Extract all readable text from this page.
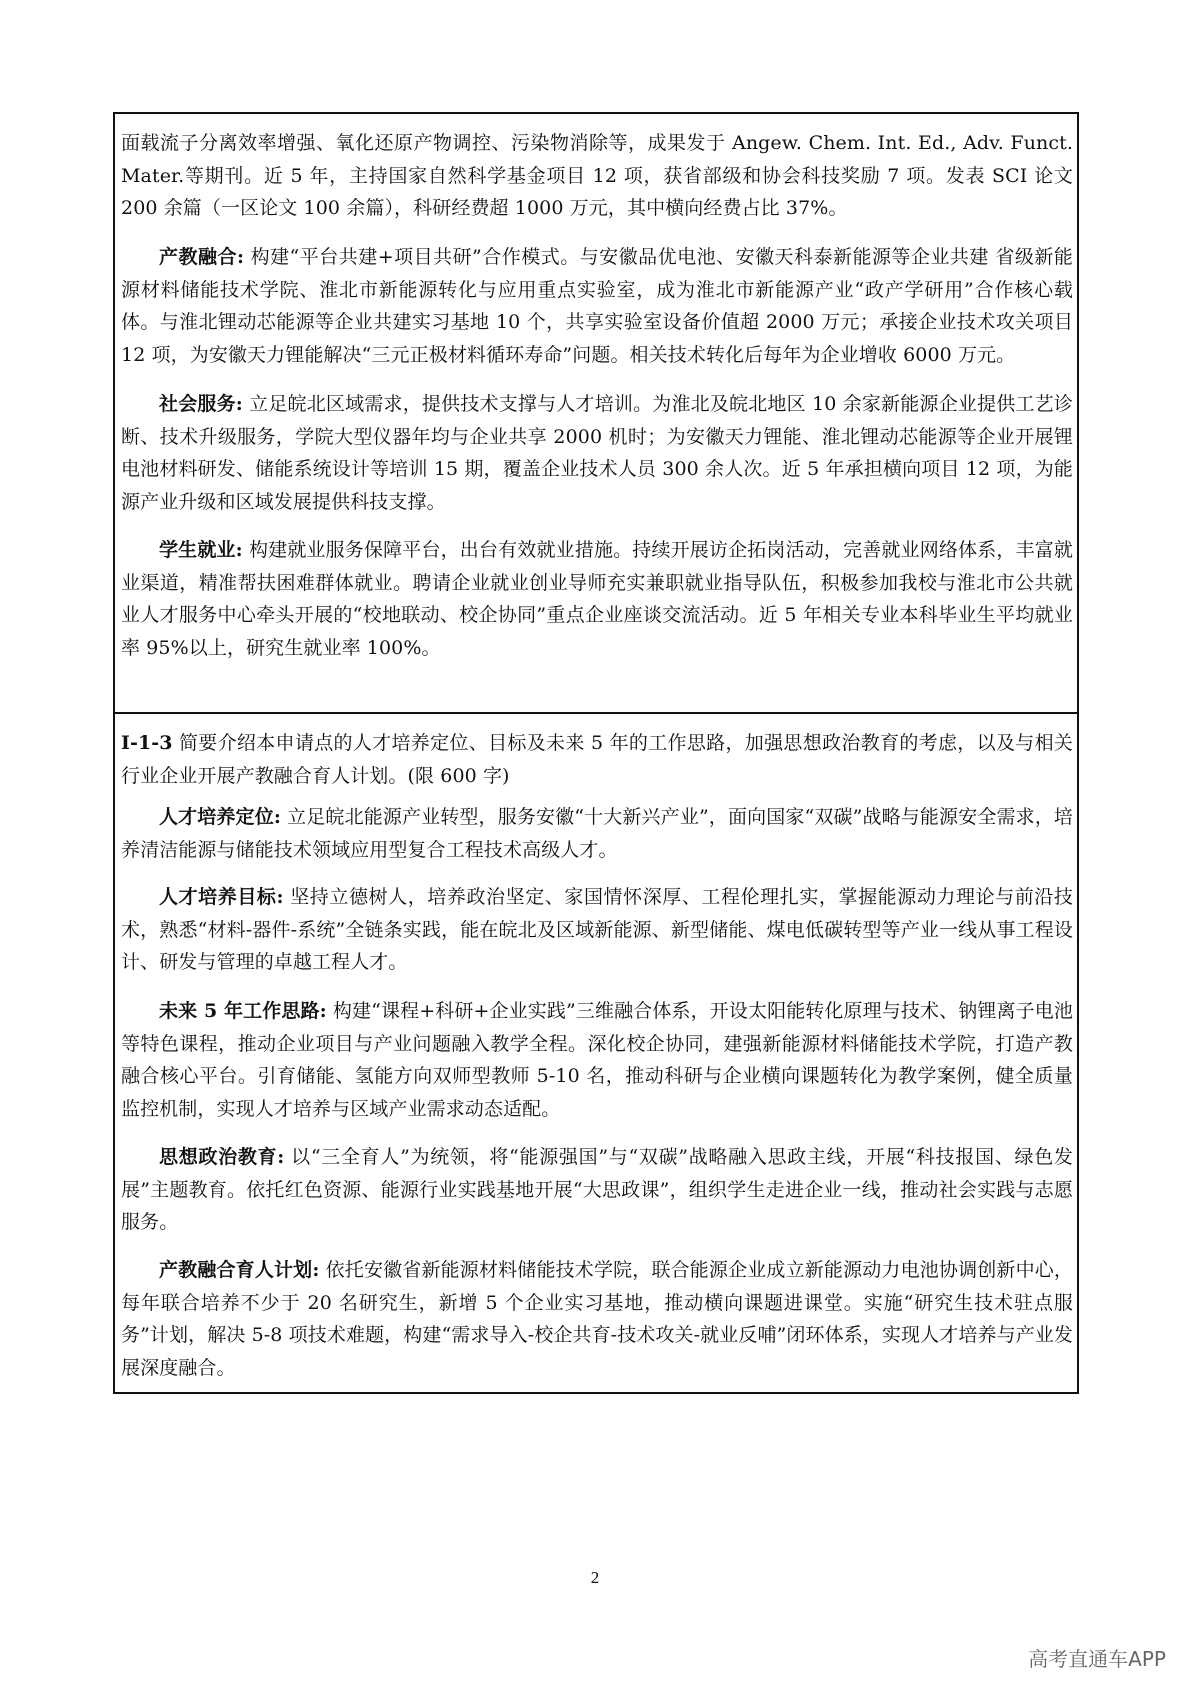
面载流子分离效率增强、氧化还原产物调控、污染物消除等，成果发于 Angew. Chem. Int. Ed., Adv. Funct. Mater.等期刊。近 5 年，主持国家自然科学基金项目 12 项，获省部级和协会科技奖励 7 项。发表 SCI 论文 200 余篇（一区论文 100 余篇），科研经费超 1000 万元，其中横向经费占比 37%。

产教融合: 构建“平台共建+项目共研”合作模式。与安徽品优电池、安徽天科泰新能源等企业共建 省级新能源材料储能技术学院、淮北市新能源转化与应用重点实验室，成为淮北市新能源产业“政产学研用”合作核心载体。与淮北锂动芯能源等企业共建实习基地 10 个，共享实验室设备价值超 2000 万元；承接企业技术攻关项目 12 项，为安徽天力锂能解决“三元正极材料循环寿命”问题。相关技术转化后每年为企业增收 6000 万元。

社会服务: 立足皖北区域需求，提供技术支撑与人才培训。为淮北及皖北地区 10 余家新能源企业提供工艺诊断、技术升级服务，学院大型仪器年均与企业共享 2000 机时；为安徽天力锂能、淮北锂动芯能源等企业开展锂电池材料研发、储能系统设计等培训 15 期，覆盖企业技术人员 300 余人次。近 5 年承担横向项目 12 项，为能源产业升级和区域发展提供科技支撑。

学生就业: 构建就业服务保障平台，出台有效就业措施。持续开展访企拓岗活动，完善就业网络体系，丰富就业渠道，精准帮扶困难群体就业。聘请企业就业创业导师充实兼职就业指导队伍，积极参加我校与淮北市公共就业人才服务中心牵头开展的“校地联动、校企协同”重点企业座谈交流活动。近 5 年相关专业本科毕业生平均就业率 95%以上，研究生就业率 100%。

I-1-3 简要介绍本申请点的人才培养定位、目标及未来 5 年的工作思路，加强思想政治教育的考虑，以及与相关行业企业开展产教融合育人计划。(限 600 字)

人才培养定位: 立足皖北能源产业转型，服务安徽“十大新兴产业”，面向国家“双碳”战略与能源安全需求，培养清洁能源与储能技术领域应用型复合工程技术高级人才。

人才培养目标: 坚持立德树人，培养政治坚定、家国情怀深厚、工程伦理扎实，掌握能源动力理论与前沿技术，熟悉“材料-器件-系统”全链条实践，能在皖北及区域新能源、新型储能、煤电低碳转型等产业一线从事工程设计、研发与管理的卓越工程人才。

未来 5 年工作思路: 构建“课程+科研+企业实践”三维融合体系，开设太阳能转化原理与技术、钠锂离子电池等特色课程，推动企业项目与产业问题融入教学全程。深化校企协同，建强新能源材料储能技术学院，打造产教融合核心平台。引育储能、氢能方向双师型教师 5-10 名，推动科研与企业横向课题转化为教学案例，健全质量监控机制，实现人才培养与区域产业需求动态适配。

思想政治教育: 以“三全育人”为统领，将“能源强国”与“双碳”战略融入思政主线，开展“科技报国、绿色发展”主题教育。依托红色资源、能源行业实践基地开展“大思政课”，组织学生走进企业一线，推动社会实践与志愿服务。

产教融合育人计划: 依托安徽省新能源材料储能技术学院，联合能源企业成立新能源动力电池协调创新中心，每年联合培养不少于 20 名研究生，新增 5 个企业实习基地，推动横向课题进课堂。实施“研究生技术驻点服务”计划，解决 5-8 项技术难题，构建“需求导入-校企共育-技术攻关-就业反哺”闭环体系，实现人才培养与产业发展深度融合。

2
高考直通车APP
